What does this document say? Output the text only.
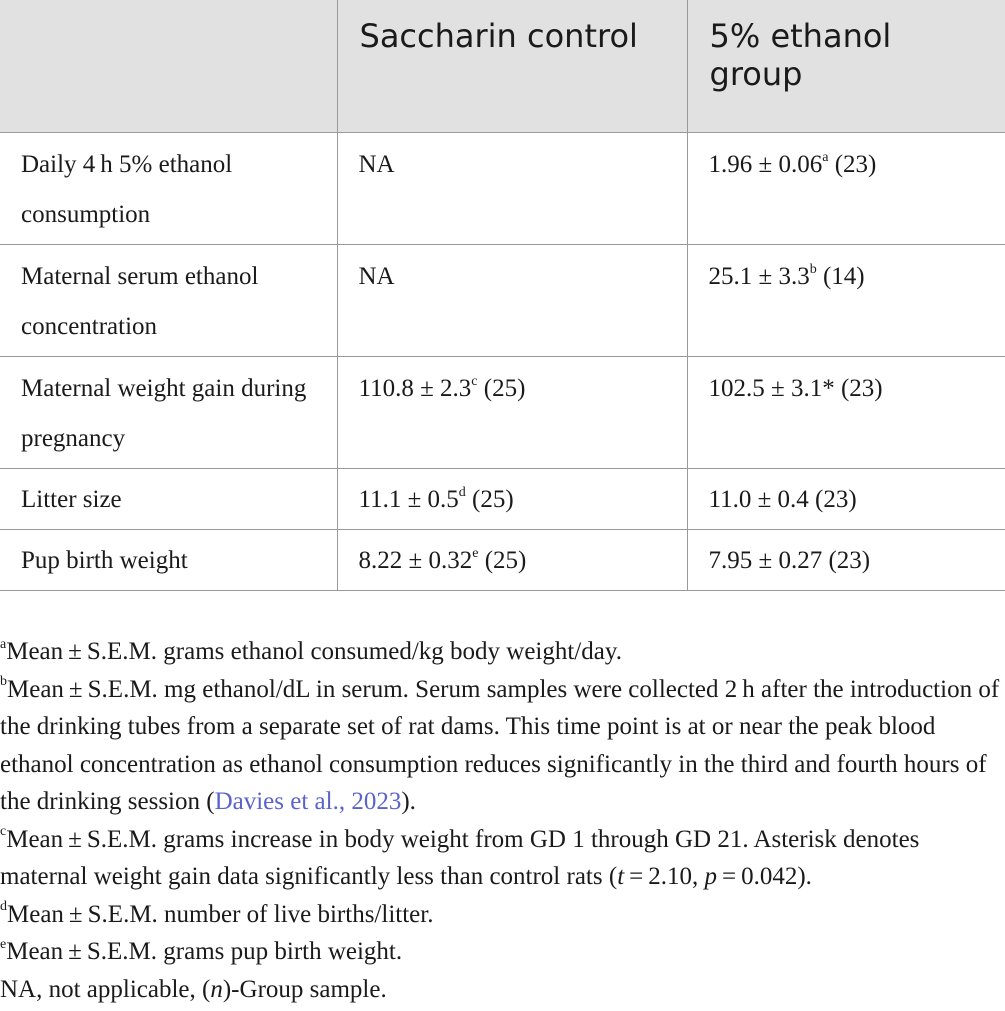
	Saccharin control	5% ethanol group
Daily 4 h 5% ethanol consumption	NA	1.96 ± 0.06$^a$ (23)
Maternal serum ethanol concentration	NA	25.1 ± 3.3$^b$ (14)
Maternal weight gain during pregnancy	110.8 ± 2.3$^c$ (25)	102.5 ± 3.1* (23)
Litter size	11.1 ± 0.5$^d$ (25)	11.0 ± 0.4 (23)
Pup birth weight	8.22 ± 0.32$^e$ (25)	7.95 ± 0.27 (23)

$^a$Mean ± S.E.M. grams ethanol consumed/kg body weight/day.

$^b$Mean ± S.E.M. mg ethanol/dL in serum. Serum samples were collected 2 h after the introduction of the drinking tubes from a separate set of rat dams. This time point is at or near the peak blood ethanol concentration as ethanol consumption reduces significantly in the third and fourth hours of the drinking session (Davies et al., 2023).

$^c$Mean ± S.E.M. grams increase in body weight from GD 1 through GD 21. Asterisk denotes maternal weight gain data significantly less than control rats (t = 2.10, p = 0.042).

$^d$Mean ± S.E.M. number of live births/litter.

$^e$Mean ± S.E.M. grams pup birth weight.

NA, not applicable, (n)-Group sample.
